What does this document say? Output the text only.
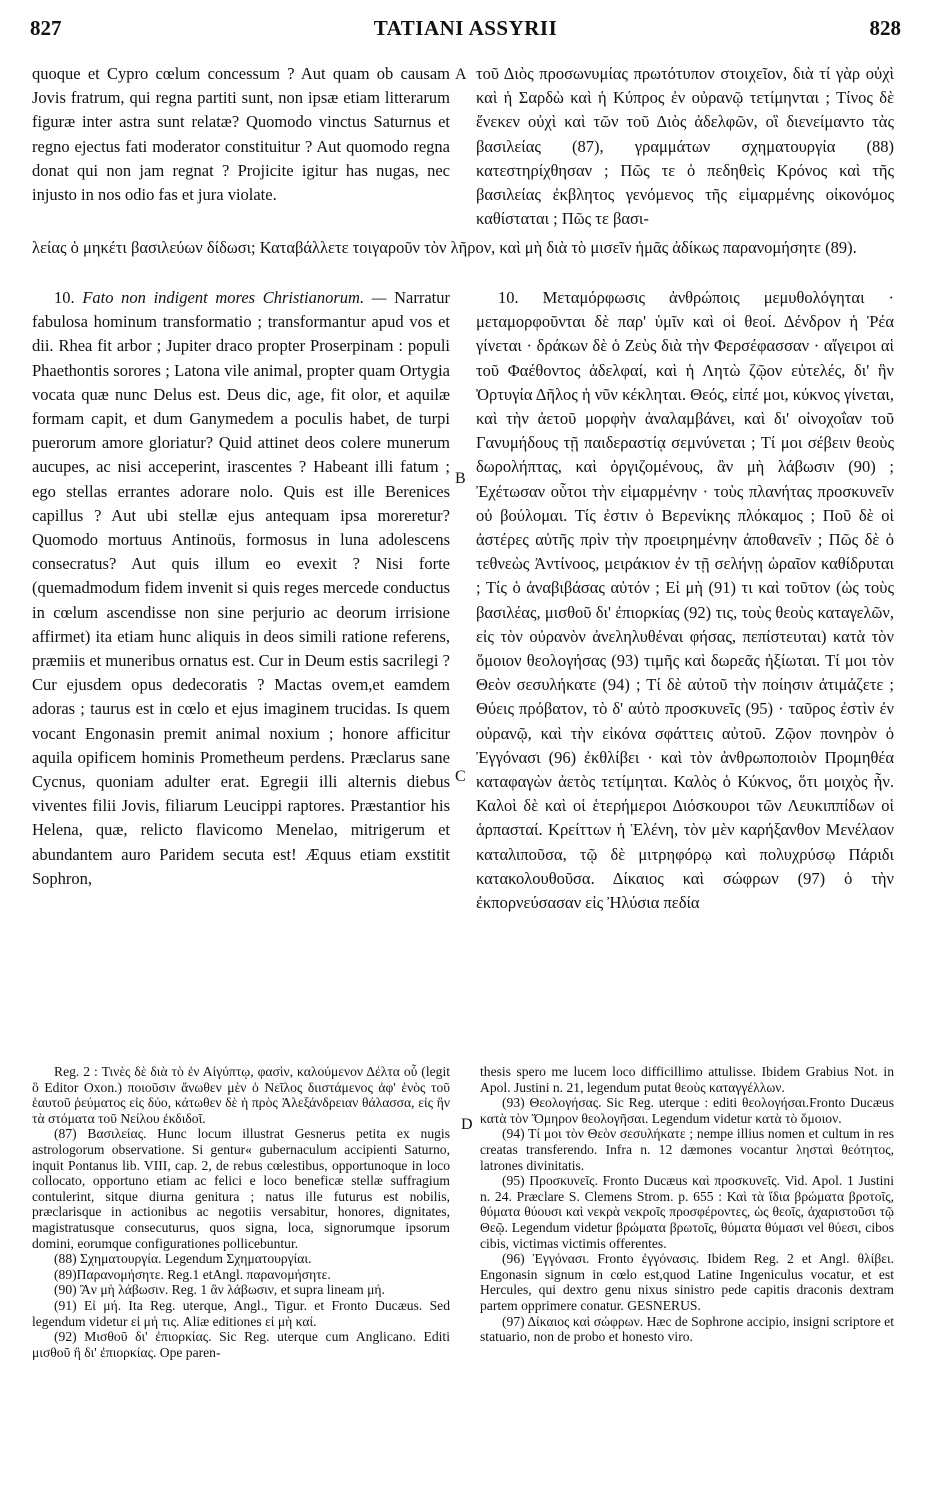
827	TATIANI ASSYRII	828

quoque et Cypro cœlum concessum ? Aut quam ob causam Jovis fratrum, qui regna partiti sunt, non ipsæ etiam litterarum figuræ inter astra sunt relatæ? Quomodo vinctus Saturnus et regno ejectus fati moderator constituitur ? Aut quomodo regna donat qui non jam regnat ? Projicite igitur has nugas, nec injusto in nos odio fas et jura violate.

τοῦ Διὸς προσωνυμίας πρωτότυπον στοιχεῖον, διὰ τί γὰρ οὐχὶ καὶ ἡ Σαρδὼ καὶ ἡ Κύπρος ἐν οὐρανῷ τετίμηνται ; Τίνος δὲ ἕνεκεν οὐχὶ καὶ τῶν τοῦ Διὸς ἀδελφῶν, οἳ διενείμαντο τὰς βασιλείας (87), γραμμάτων σχηματουργία (88) κατεστηρίχθησαν ; Πῶς τε ὁ πεδηθεὶς Κρόνος καὶ τῆς βασιλείας ἐκβλητος γενόμενος τῆς εἱμαρμένης οἰκονόμος καθίσταται ; Πῶς τε βασι-

λείας ὁ μηκέτι βασιλεύων δίδωσι; Καταβάλλετε τοιγαροῦν τὸν λῆρον, καὶ μὴ διὰ τὸ μισεῖν ἡμᾶς ἀδίκως παρανομήσητε (89).

10. Fato non indigent mores Christianorum. — Narratur fabulosa hominum transformatio ; transformantur apud vos et dii. Rhea fit arbor ; Jupiter draco propter Proserpinam : populi Phaethontis sorores ; Latona vile animal, propter quam Ortygia vocata quæ nunc Delus est. Deus dic, age, fit olor, et aquilæ formam capit, et dum Ganymedem a poculis habet, de turpi puerorum amore gloriatur? Quid attinet deos colere munerum aucupes, ac nisi acceperint, irascentes ? Habeant illi fatum ; ego stellas errantes adorare nolo. Quis est ille Berenices capillus ? Aut ubi stellæ ejus antequam ipsa moreretur? Quomodo mortuus Antinoüs, formosus in luna adolescens consecratus? Aut quis illum eo evexit ? Nisi forte (quemadmodum fidem invenit si quis reges mercede conductus in cœlum ascendisse non sine perjurio ac deorum irrisione affirmet) ita etiam hunc aliquis in deos simili ratione referens, præmiis et muneribus ornatus est. Cur in Deum estis sacrilegi ? Cur ejusdem opus dedecoratis ? Mactas ovem,et eamdem adoras ; taurus est in cœlo et ejus imaginem trucidas. Is quem vocant Engonasin premit animal noxium ; honore afficitur aquila opificem hominis Prometheum perdens. Præclarus sane Cycnus, quoniam adulter erat. Egregii illi alternis diebus viventes filii Jovis, filiarum Leucippi raptores. Præstantior his Helena, quæ, relicto flavicomo Menelao, mitrigerum et abundantem auro Paridem secuta est! Æquus etiam exstitit Sophron,

10. Μεταμόρφωσις ἀνθρώποις μεμυθολόγηται · μεταμορφοῦνται δὲ παρ' ὑμῖν καὶ οἱ θεοί. Δένδρον ἡ Ῥέα γίνεται · δράκων δὲ ὁ Ζεὺς διὰ τὴν Φερσέφασσαν · αἴγειροι αἱ τοῦ Φαέθοντος ἀδελφαί, καὶ ἡ Λητὼ ζῷον εὐτελές, δι' ἣν Ὀρτυγία Δῆλος ἡ νῦν κέκληται. Θεός, εἰπέ μοι, κύκνος γίνεται, καὶ τὴν ἀετοῦ μορφὴν ἀναλαμβάνει, καὶ δι' οἰνοχοΐαν τοῦ Γανυμήδους τῇ παιδεραστίᾳ σεμνύνεται ; Τί μοι σέβειν θεοὺς δωρολήπτας, καὶ ὀργιζομένους, ἂν μὴ λάβωσιν (90) ; Ἐχέτωσαν οὗτοι τὴν εἱμαρμένην · τοὺς πλανήτας προσκυνεῖν οὐ βούλομαι. Τίς ἐστιν ὁ Βερενίκης πλόκαμος ; Ποῦ δὲ οἱ ἀστέρες αὐτῆς πρὶν τὴν προειρημένην ἀποθανεῖν ; Πῶς δὲ ὁ τεθνεὼς Ἀντίνοος, μειράκιον ἐν τῇ σελήνῃ ὡραῖον καθίδρυται ; Τίς ὁ ἀναβιβάσας αὐτόν ; Εἰ μὴ (91) τι καὶ τοῦτον (ὡς τοὺς βασιλέας, μισθοῦ δι' ἐπιορκίας (92) τις, τοὺς θεοὺς καταγελῶν, εἰς τὸν οὐρανὸν ἀνεληλυθέναι φήσας, πεπίστευται) κατὰ τὸν ὅμοιον θεολογήσας (93) τιμῆς καὶ δωρεᾶς ἠξίωται. Τί μοι τὸν Θεὸν σεσυλήκατε (94) ; Τί δὲ αὐτοῦ τὴν ποίησιν ἀτιμάζετε ; Θύεις πρόβατον, τὸ δ' αὐτὸ προσκυνεῖς (95) · ταῦρος ἐστὶν ἐν οὐρανῷ, καὶ τὴν εἰκόνα σφάττεις αὐτοῦ. Ζῷον πονηρὸν ὁ Ἐγγόνασι (96) ἐκθλίβει · καὶ τὸν ἀνθρωποποιὸν Προμηθέα καταφαγὼν ἀετὸς τετίμηται. Καλὸς ὁ Κύκνος, ὅτι μοιχὸς ἦν. Καλοὶ δὲ καὶ οἱ ἑτερήμεροι Διόσκουροι τῶν Λευκιππίδων οἱ ἁρπασταί. Κρείττων ἡ Ἑλένη, τὸν μὲν καρήξανθον Μενέλαον καταλιποῦσα, τῷ δὲ μιτρηφόρῳ καὶ πολυχρύσῳ Πάριδι κατακολουθοῦσα. Δίκαιος καὶ σώφρων (97) ὁ τὴν ἐκπορνεύσασαν εἰς Ἠλύσια πεδία

A
B
C
D

Reg. 2 : Τινὲς δὲ διὰ τὸ ἐν Αἰγύπτῳ, φασὶν, καλούμενον Δέλτα οὗ (legit ὃ Editor Oxon.) ποιοῦσιν ἄνωθεν μὲν ὁ Νεῖλος διιστάμενος ἀφ' ἑνὸς τοῦ ἑαυτοῦ ῥεύματος εἰς δύο, κάτωθεν δὲ ἡ πρὸς Ἀλεξάνδρειαν θάλασσα, εἰς ἣν τὰ στόματα τοῦ Νείλου ἐκδιδοῖ.

(87) Βασιλείας. Hunc locum illustrat Gesnerus petita ex nugis astrologorum observatione. Si gentur« gubernaculum accipienti Saturno, inquit Pontanus lib. VIII, cap. 2, de rebus cœlestibus, opportunoque in loco collocato, opportuno etiam ac felici e loco beneficæ stellæ suffragium contulerint, sitque diurna genitura ; natus ille futurus est nobilis, præclarisque in actionibus ac negotiis versabitur, honores, dignitates, magistratusque consecuturus, quos signa, loca, signorumque ipsorum domini, eorumque configurationes pollicebuntur.

(88) Σχηματουργία. Legendum Σχηματουργίαι.

(89)Παρανομήσητε. Reg.1 etAngl. παρανομήσητε.

(90) Ἂν μὴ λάβωσιν. Reg. 1 ἂν λάβωσιν, et supra lineam μή.

(91) Εἰ μή. Ita Reg. uterque, Angl., Tigur. et Fronto Ducæus. Sed legendum videtur εἰ μή τις. Aliæ editiones εἰ μὴ καί.

(92) Μισθοῦ δι' ἐπιορκίας. Sic Reg. uterque cum Anglicano. Editi μισθοῦ ἢ δι' ἐπιορκίας. Ope paren-

thesis spero me lucem loco difficillimo attulisse. Ibidem Grabius Not. in Apol. Justini n. 21, legendum putat θεοὺς καταγγέλλων.

(93) Θεολογήσας. Sic Reg. uterque : editi θεολογήσαι.Fronto Ducæus κατὰ τὸν Ὅμηρον θεολογῆσαι. Legendum videtur κατὰ τὸ ὅμοιον.

(94) Τί μοι τὸν Θεὸν σεσυλήκατε ; nempe illius nomen et cultum in res creatas transferendo. Infra n. 12 dæmones vocantur λησταὶ θεότητος, latrones divinitatis.

(95) Προσκυνεῖς. Fronto Ducæus καὶ προσκυνεῖς. Vid. Apol. 1 Justini n. 24. Præclare S. Clemens Strom. p. 655 : Καὶ τὰ ἴδια βρώματα βροτοῖς, θύματα θύουσι καὶ νεκρὰ νεκροῖς προσφέροντες, ὡς θεοῖς, ἀχαριστοῦσι τῷ Θεῷ. Legendum videtur βρώματα βρωτοῖς, θύματα θύμασι vel θύεσι, cibos cibis, victimas victimis offerentes.

(96) Ἐγγόνασι. Fronto ἐγγόνασις. Ibidem Reg. 2 et Angl. θλίβει. Engonasin signum in cœlo est,quod Latine Ingeniculus vocatur, et est Hercules, qui dextro genu nixus sinistro pede capitis draconis dextram partem opprimere conatur. GESNERUS.

(97) Δίκαιος καὶ σώφρων. Hæc de Sophrone accipio, insigni scriptore et statuario, non de probo et honesto viro.
